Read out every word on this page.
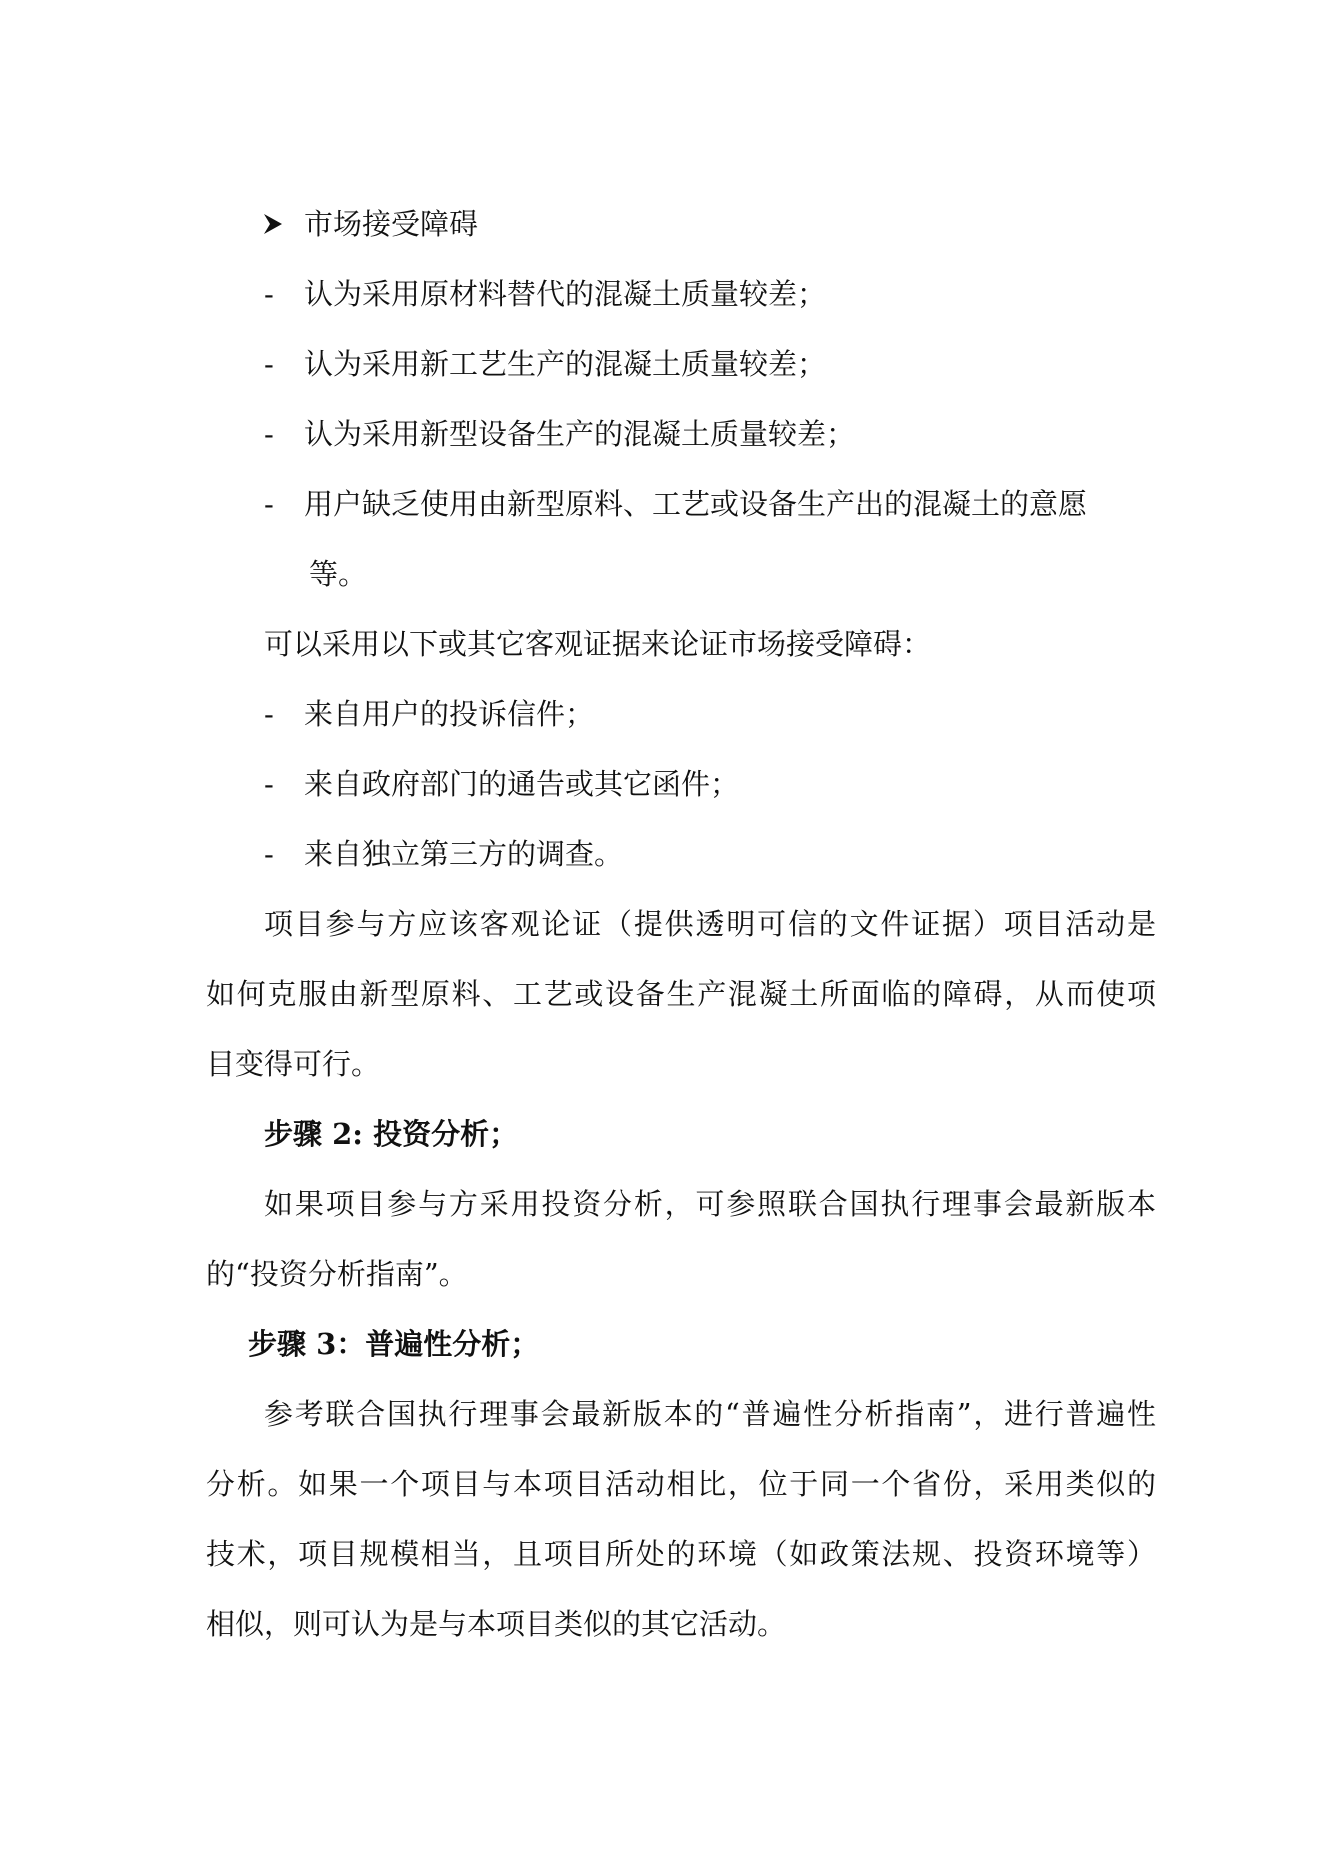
市场接受障碍
- 认为采用原材料替代的混凝土质量较差；
- 认为采用新工艺生产的混凝土质量较差；
- 认为采用新型设备生产的混凝土质量较差；
- 用户缺乏使用由新型原料、工艺或设备生产出的混凝土的意愿
等。
可以采用以下或其它客观证据来论证市场接受障碍：
- 来自用户的投诉信件；
- 来自政府部门的通告或其它函件；
- 来自独立第三方的调查。
项目参与方应该客观论证（提供透明可信的文件证据）项目活动是
如何克服由新型原料、工艺或设备生产混凝土所面临的障碍，从而使项
目变得可行。
步骤 2: 投资分析；
如果项目参与方采用投资分析，可参照联合国执行理事会最新版本
的“投资分析指南”。
步骤 3：普遍性分析；
参考联合国执行理事会最新版本的“普遍性分析指南”，进行普遍性
分析。如果一个项目与本项目活动相比，位于同一个省份，采用类似的
技术，项目规模相当，且项目所处的环境（如政策法规、投资环境等）
相似，则可认为是与本项目类似的其它活动。
